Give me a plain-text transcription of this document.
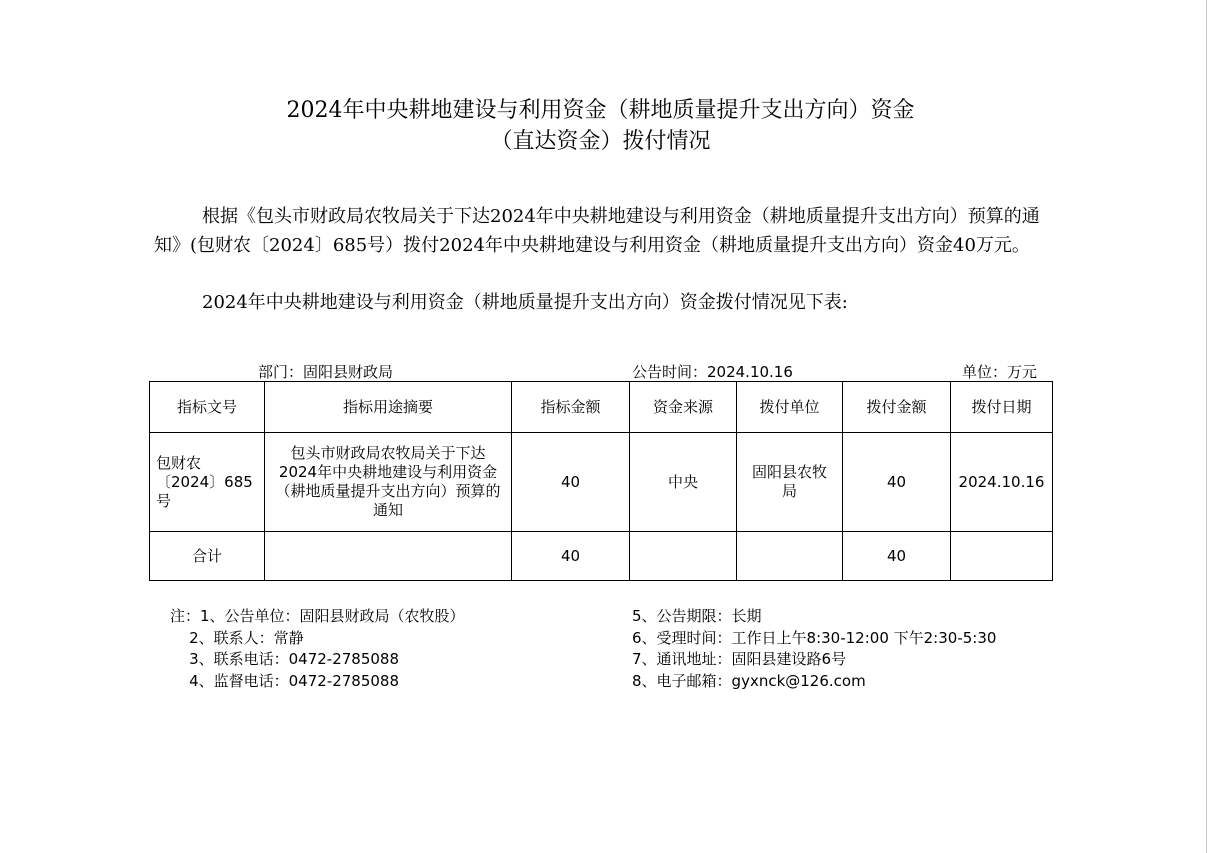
2024年中央耕地建设与利用资金（耕地质量提升支出方向）资金
（直达资金）拨付情况

根据《包头市财政局农牧局关于下达2024年中央耕地建设与利用资金（耕地质量提升支出方向）预算的通知》(包财农〔2024〕685号）拨付2024年中央耕地建设与利用资金（耕地质量提升支出方向）资金40万元。

2024年中央耕地建设与利用资金（耕地质量提升支出方向）资金拨付情况见下表:

部门：固阳县财政局	公告时间：2024.10.16	单位：万元
指标文号	指标用途摘要	指标金额	资金来源	拨付单位	拨付金额	拨付日期
包财农〔2024〕685号	包头市财政局农牧局关于下达2024年中央耕地建设与利用资金（耕地质量提升支出方向）预算的通知	40	中央	固阳县农牧局	40	2024.10.16
合计		40			40	
注：1、公告单位：固阳县财政局（农牧股）
2、联系人：常静
3、联系电话：0472-2785088
4、监督电话：0472-2785088
5、公告期限：长期
6、受理时间：工作日上午8:30-12:00 下午2:30-5:30
7、通讯地址：固阳县建设路6号
8、电子邮箱：gyxnck@126.com
